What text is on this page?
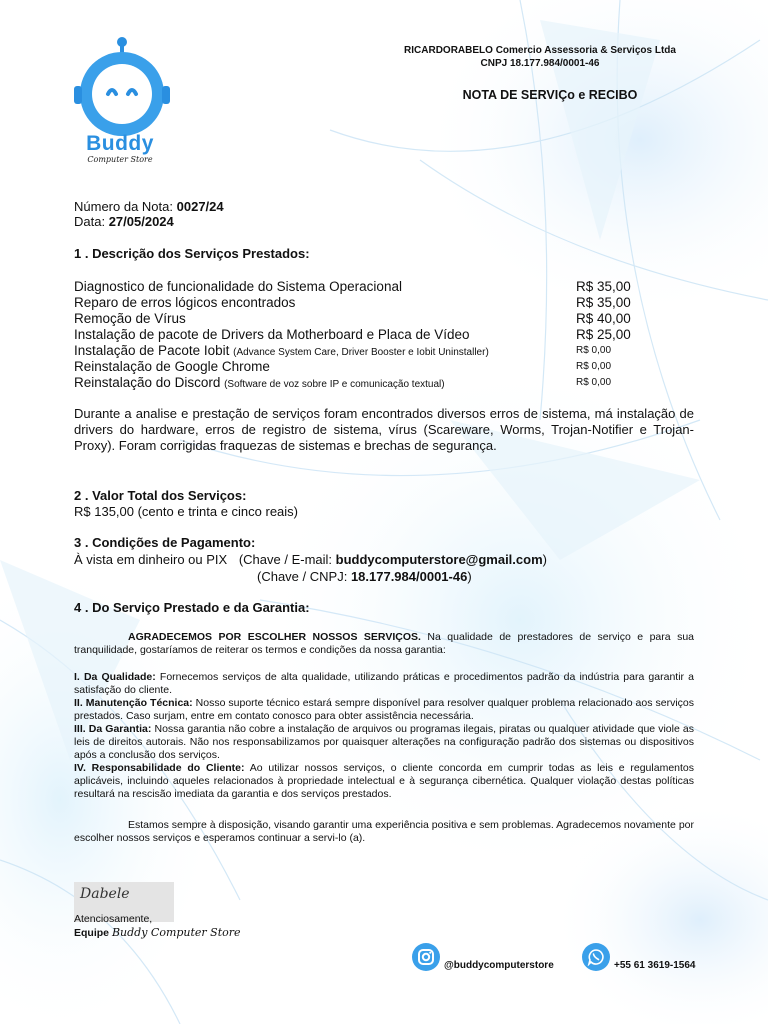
Buddy
Computer Store
RICARDORABELO Comercio Assessoria & Serviços Ltda
CNPJ 18.177.984/0001-46
NOTA DE SERVIÇo e RECIBO
Número da Nota: 0027/24
Data: 27/05/2024
1 . Descrição dos Serviços Prestados:
Diagnostico de funcionalidade do Sistema Operacional	R$ 35,00
Reparo de erros lógicos encontrados	R$ 35,00
Remoção de Vírus	R$ 40,00
Instalação de pacote de Drivers da Motherboard e Placa de Vídeo	R$ 25,00
Instalação de Pacote Iobit (Advance System Care, Driver Booster e Iobit Uninstaller)	R$ 0,00
Reinstalação de Google Chrome	R$ 0,00
Reinstalação do Discord (Software de voz sobre IP e comunicação textual)	R$ 0,00
Durante a analise e prestação de serviços foram encontrados diversos erros de sistema, má instalação de drivers do hardware, erros de registro de sistema, vírus (Scareware, Worms, Trojan-Notifier e Trojan-Proxy). Foram corrigidas fraquezas de sistemas e brechas de segurança.
2 . Valor Total dos Serviços:
R$ 135,00 (cento e trinta e cinco reais)
3 . Condições de Pagamento:
À vista em dinheiro ou PIX (Chave / E-mail: buddycomputerstore@gmail.com)
(Chave / CNPJ: 18.177.984/0001-46)
4 . Do Serviço Prestado e da Garantia:
AGRADECEMOS POR ESCOLHER NOSSOS SERVIÇOS. Na qualidade de prestadores de serviço e para sua tranquilidade, gostaríamos de reiterar os termos e condições da nossa garantia:
I. Da Qualidade: Fornecemos serviços de alta qualidade, utilizando práticas e procedimentos padrão da indústria para garantir a satisfação do cliente.
II. Manutenção Técnica: Nosso suporte técnico estará sempre disponível para resolver qualquer problema relacionado aos serviços prestados. Caso surjam, entre em contato conosco para obter assistência necessária.
III. Da Garantia: Nossa garantia não cobre a instalação de arquivos ou programas ilegais, piratas ou qualquer atividade que viole as leis de direitos autorais. Não nos responsabilizamos por quaisquer alterações na configuração padrão dos sistemas ou dispositivos após a conclusão dos serviços.
IV. Responsabilidade do Cliente: Ao utilizar nossos serviços, o cliente concorda em cumprir todas as leis e regulamentos aplicáveis, incluindo aqueles relacionados à propriedade intelectual e à segurança cibernética. Qualquer violação destas políticas resultará na rescisão imediata da garantia e dos serviços prestados.
Estamos sempre à disposição, visando garantir uma experiência positiva e sem problemas. Agradecemos novamente por escolher nossos serviços e esperamos continuar a servi-lo (a).
Dabele
Atenciosamente,
Equipe Buddy Computer Store
@buddycomputerstore	+55 61 3619-1564
